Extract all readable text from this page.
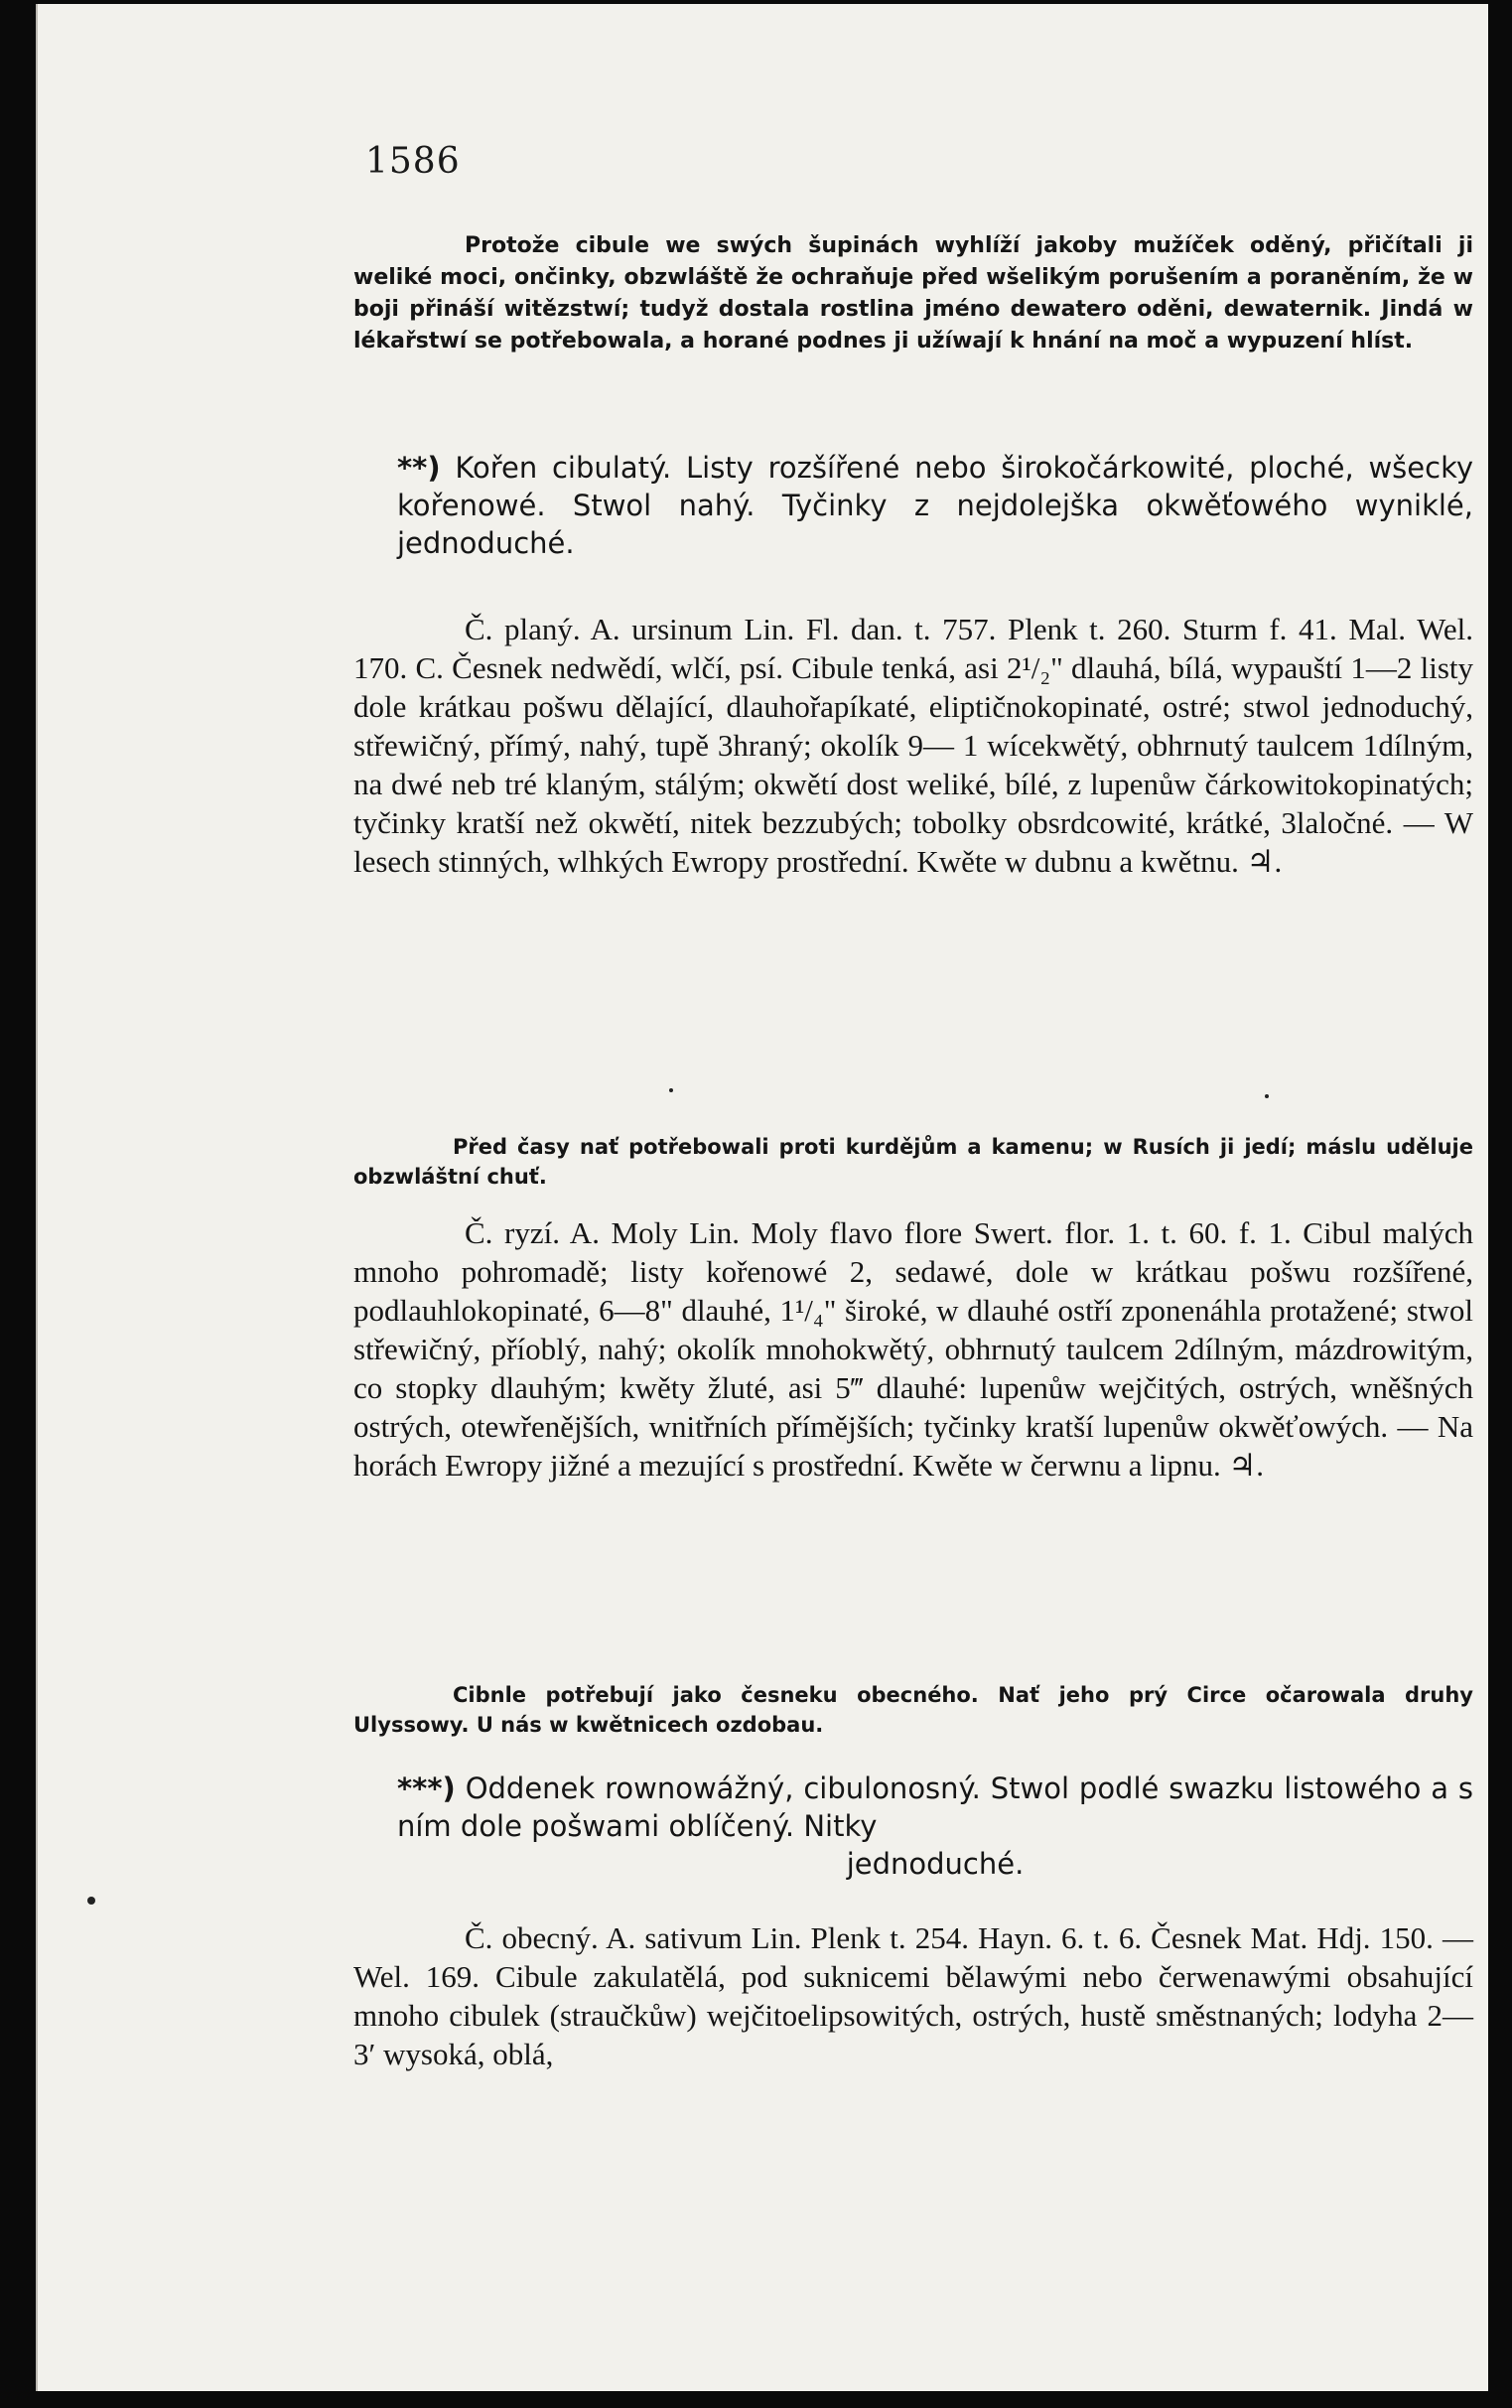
1586

Protože cibule we swých šupinách wyhlíží jakoby mužíček oděný, přičítali ji weliké moci, ončinky, obzwláště že ochraňuje před wšelikým porušením a poraněním, že w boji přináší witězstwí; tudyž dostala rostlina jméno dewatero oděni, dewaternik. Jindá w lékařstwí se potřebowala, a horané podnes ji užíwají k hnání na moč a wypuzení hlíst.

**) Kořen cibulatý. Listy rozšířené nebo širokočárkowité, ploché, wšecky kořenowé. Stwol nahý. Tyčinky z nejdolejška okwěťowého wyniklé, jednoduché.

Č. planý. A. ursinum Lin. Fl. dan. t. 757. Plenk t. 260. Sturm f. 41. Mal. Wel. 170. C. Česnek nedwědí, wlčí, psí. Cibule tenká, asi 2¹/₂" dlauhá, bílá, wypauští 1—2 listy dole krátkau pošwu dělající, dlauhořapíkaté, eliptičnokopinaté, ostré; stwol jednoduchý, střewičný, přímý, nahý, tupě 3hraný; okolík 9— 1 wícekwětý, obhrnutý taulcem 1dílným, na dwé neb tré klaným, stálým; okwětí dost weliké, bílé, z lupenůw čárkowitokopinatých; tyčinky kratší než okwětí, nitek bezzubých; tobolky obsrdcowité, krátké, 3laločné. — W lesech stinných, wlhkých Ewropy prostřední. Kwěte w dubnu a kwětnu. ♃.

Před časy nať potřebowali proti kurdějům a kamenu; w Rusích ji jedí; máslu uděluje obzwláštní chuť.

Č. ryzí. A. Moly Lin. Moly flavo flore Swert. flor. 1. t. 60. f. 1. Cibul malých mnoho pohromadě; listy kořenowé 2, sedawé, dole w krátkau pošwu rozšířené, podlauhlokopinaté, 6—8" dlauhé, 1¹/₄" široké, w dlauhé ostří zponenáhla protažené; stwol střewičný, příoblý, nahý; okolík mnohokwětý, obhrnutý taulcem 2dílným, mázdrowitým, co stopky dlauhým; kwěty žluté, asi 5‴ dlauhé: lupenůw wejčitých, ostrých, wněšných ostrých, otewřenějších, wnitřních přímějších; tyčinky kratší lupenůw okwěťowých. — Na horách Ewropy jižné a mezující s prostřední. Kwěte w čerwnu a lipnu. ♃.

Cibnle potřebují jako česneku obecného. Nať jeho prý Circe očarowala druhy Ulyssowy. U nás w kwětnicech ozdobau.

***) Oddenek rownowážný, cibulonosný. Stwol podlé swazku listowého a s ním dole pošwami oblíčený. Nitky

jednoduché.

Č. obecný. A. sativum Lin. Plenk t. 254. Hayn. 6. t. 6. Česnek Mat. Hdj. 150. — Wel. 169. Cibule zakulatělá, pod suknicemi bělawými nebo čerwenawými obsahující mnoho cibulek (straučkůw) wejčitoelipsowitých, ostrých, hustě směstnaných; lodyha 2—3′ wysoká, oblá,
